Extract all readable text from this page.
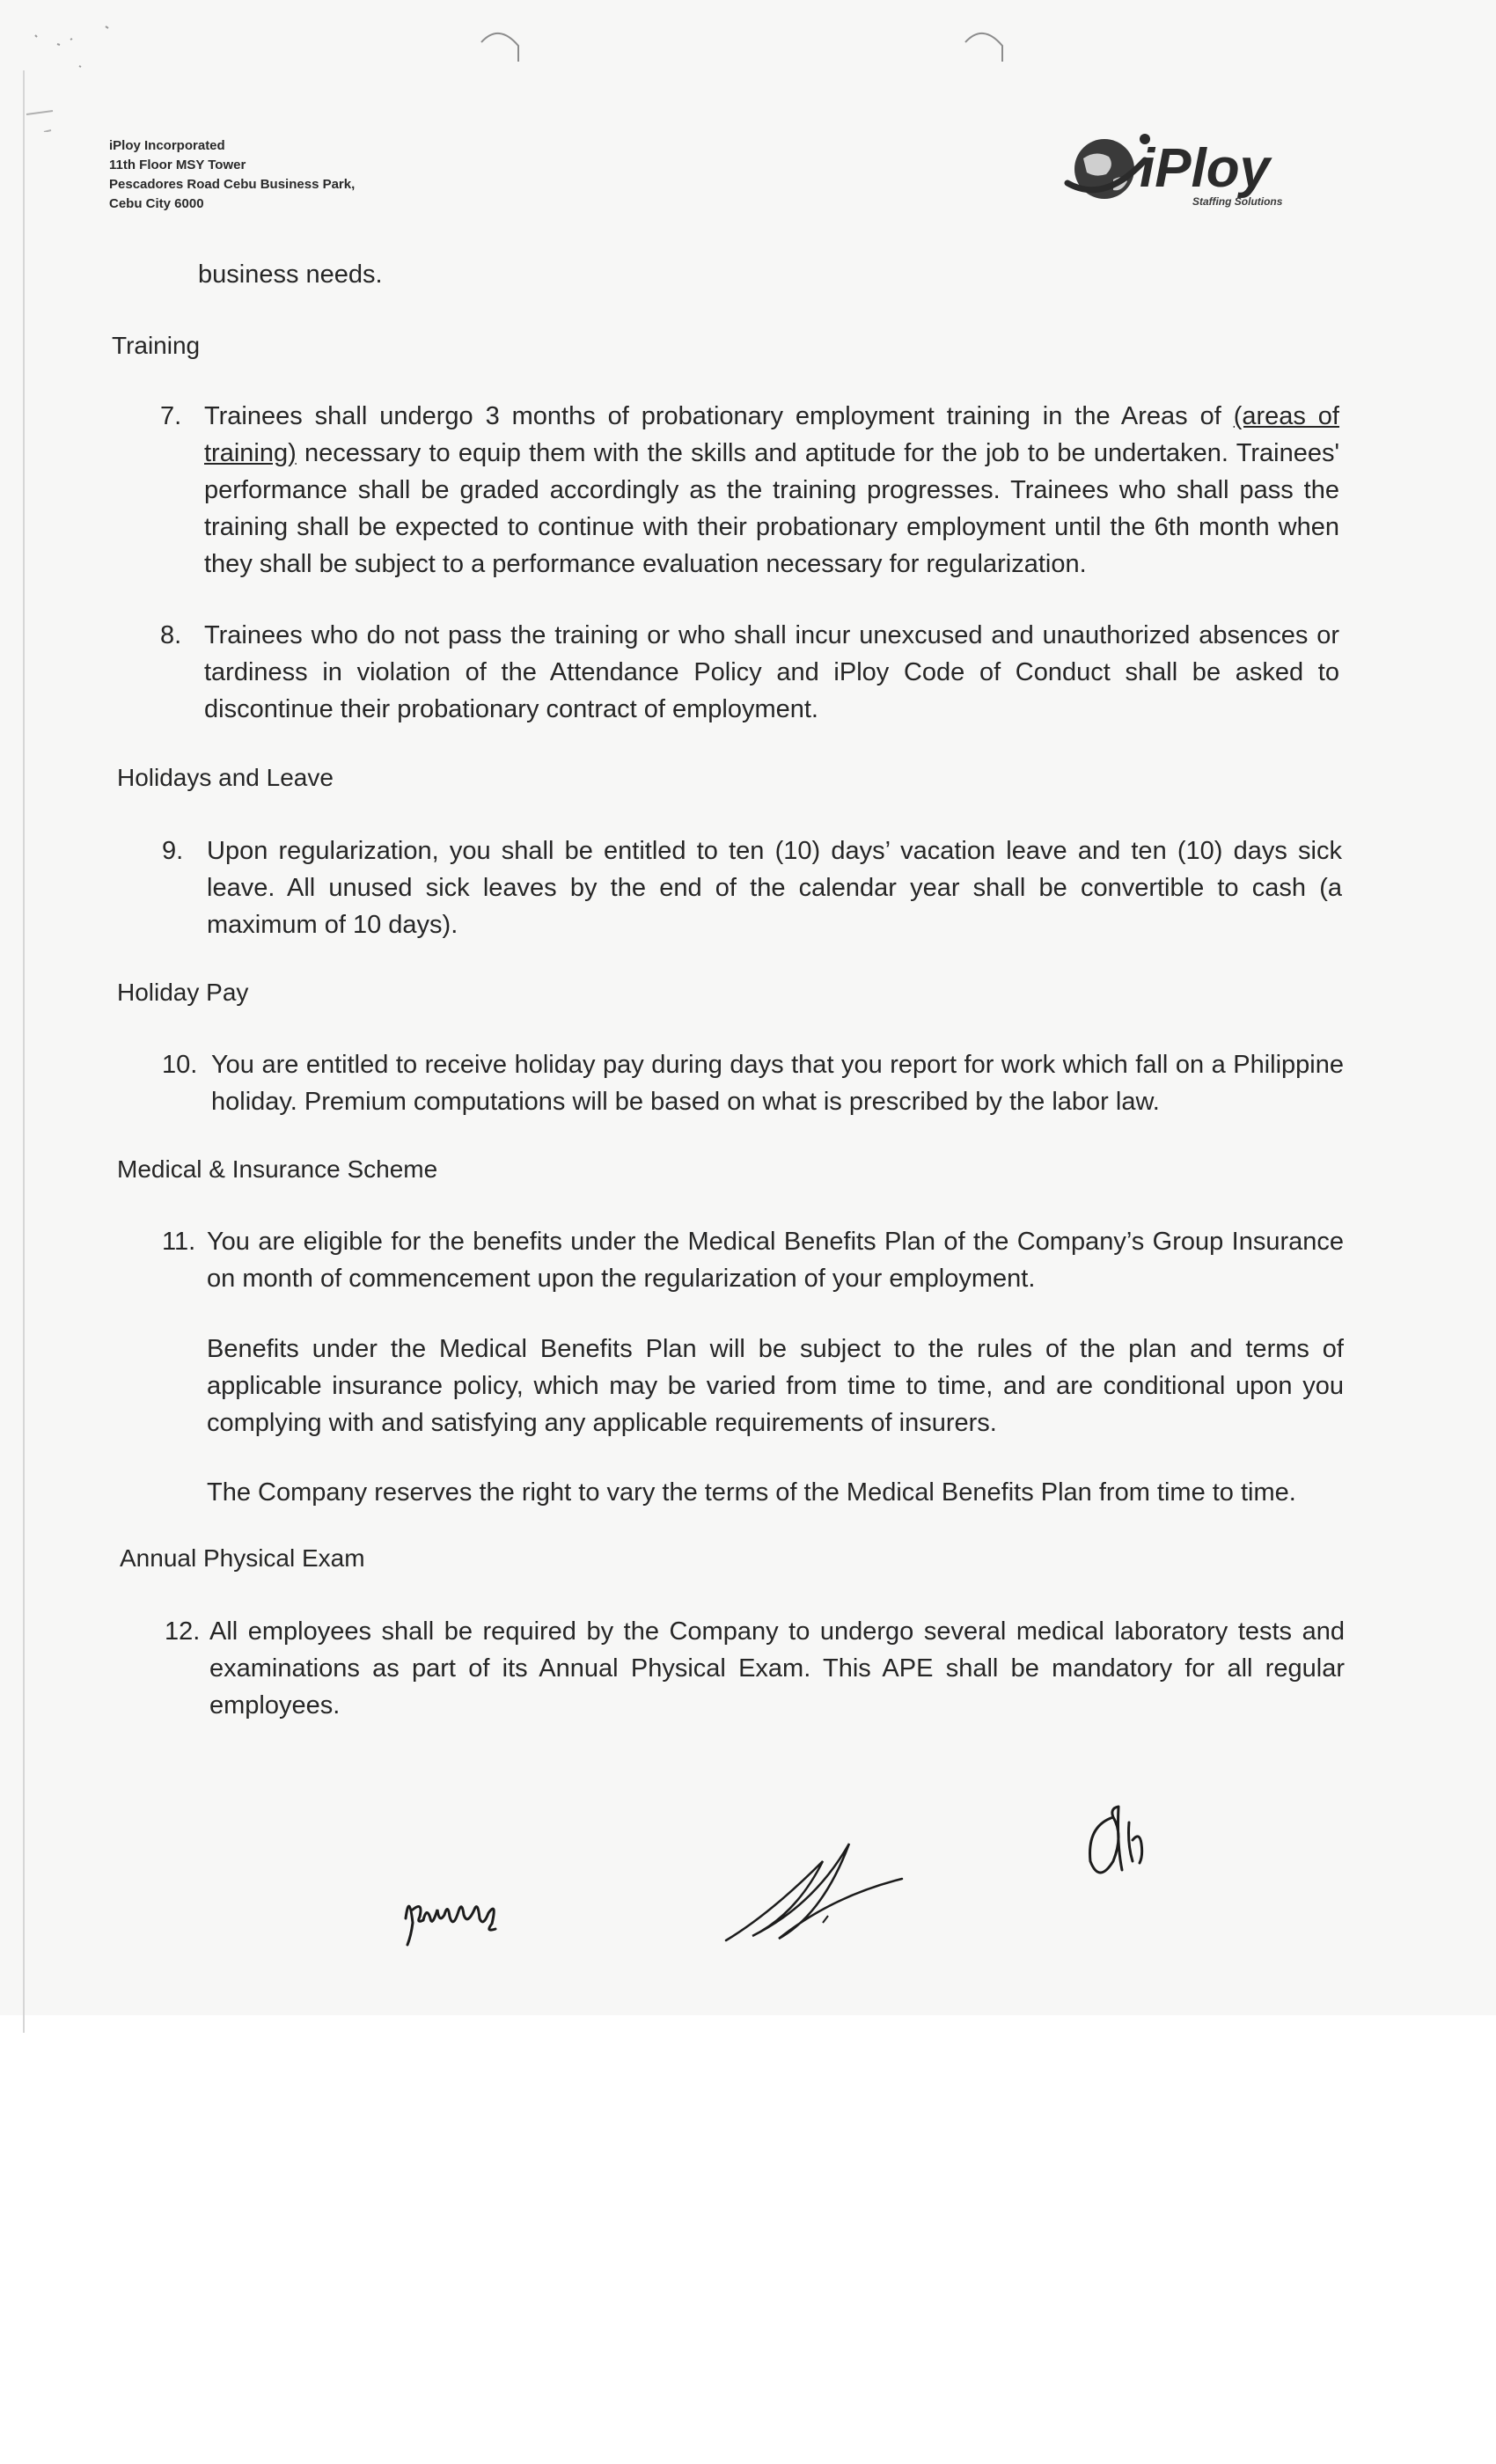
iPloy Incorporated
11th Floor MSY Tower
Pescadores Road Cebu Business Park,
Cebu City 6000
iPloy
Staffing Solutions
business needs.
Training
7. Trainees shall undergo 3 months of probationary employment training in the Areas of (areas of training) necessary to equip them with the skills and aptitude for the job to be undertaken. Trainees' performance shall be graded accordingly as the training progresses. Trainees who shall pass the training shall be expected to continue with their probationary employment until the 6th month when they shall be subject to a performance evaluation necessary for regularization.
8. Trainees who do not pass the training or who shall incur unexcused and unauthorized absences or tardiness in violation of the Attendance Policy and iPloy Code of Conduct shall be asked to discontinue their probationary contract of employment.
Holidays and Leave
9. Upon regularization, you shall be entitled to ten (10) days’ vacation leave and ten (10) days sick leave. All unused sick leaves by the end of the calendar year shall be convertible to cash (a maximum of 10 days).
Holiday Pay
10. You are entitled to receive holiday pay during days that you report for work which fall on a Philippine holiday. Premium computations will be based on what is prescribed by the labor law.
Medical & Insurance Scheme
11. You are eligible for the benefits under the Medical Benefits Plan of the Company’s Group Insurance on month of commencement upon the regularization of your employment.
Benefits under the Medical Benefits Plan will be subject to the rules of the plan and terms of applicable insurance policy, which may be varied from time to time, and are conditional upon you complying with and satisfying any applicable requirements of insurers.
The Company reserves the right to vary the terms of the Medical Benefits Plan from time to time.
Annual Physical Exam
12. All employees shall be required by the Company to undergo several medical laboratory tests and examinations as part of its Annual Physical Exam. This APE shall be mandatory for all regular employees.
